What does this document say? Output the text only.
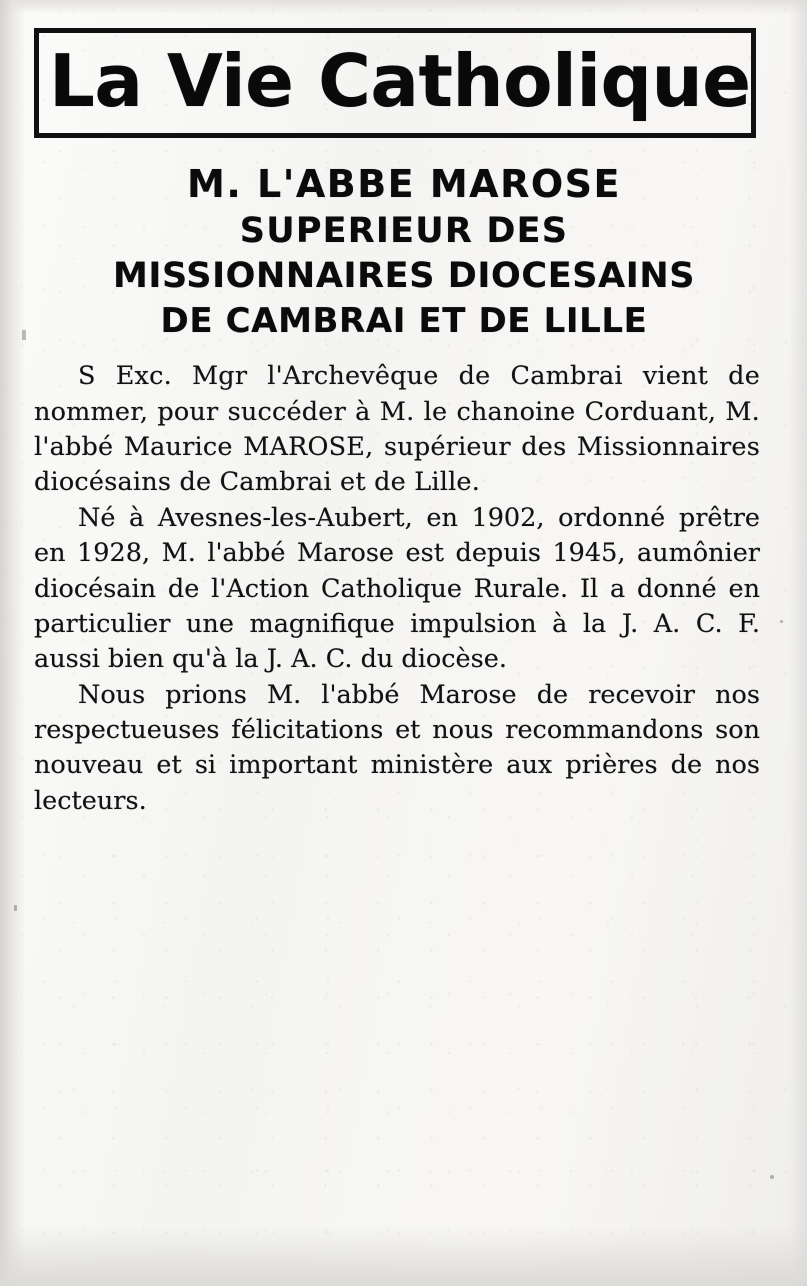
La Vie Catholique
M. L'ABBE MAROSE
SUPERIEUR DES
MISSIONNAIRES DIOCESAINS
DE CAMBRAI ET DE LILLE

S Exc. Mgr l'Archevêque de Cambrai vient de nommer, pour succéder à M. le chanoine Corduant, M. l'abbé Maurice MAROSE, supérieur des Missionnaires diocésains de Cambrai et de Lille.

Né à Avesnes-les-Aubert, en 1902, ordonné prêtre en 1928, M. l'abbé Marose est depuis 1945, aumônier diocésain de l'Action Catholique Rurale. Il a donné en particulier une magnifique impulsion à la J. A. C. F. aussi bien qu'à la J. A. C. du diocèse.

Nous prions M. l'abbé Marose de recevoir nos respectueuses félicitations et nous recommandons son nouveau et si important ministère aux prières de nos lecteurs.
